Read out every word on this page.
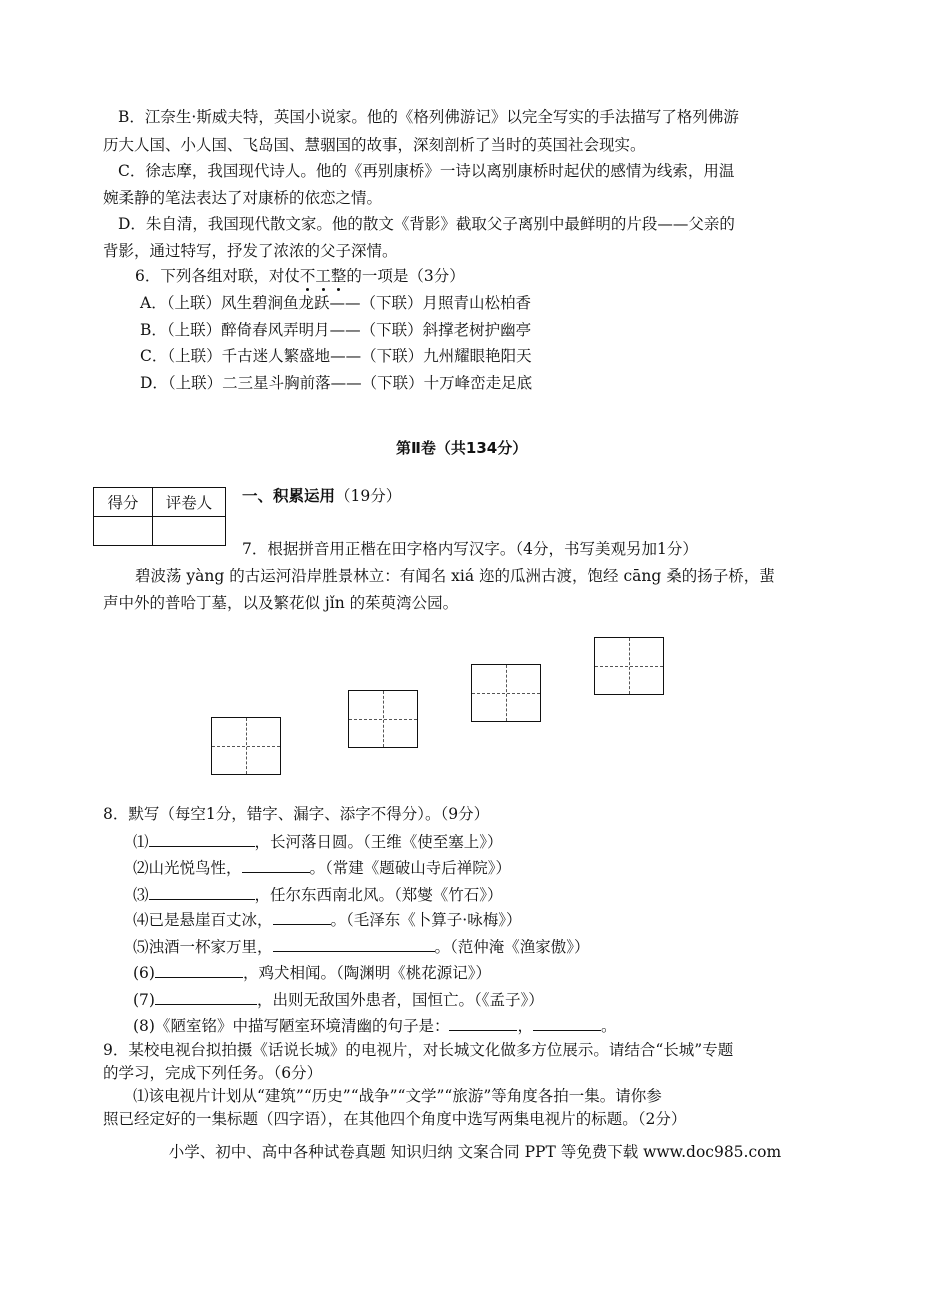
B．江奈生·斯威夫特，英国小说家。他的《格列佛游记》以完全写实的手法描写了格列佛游
历大人国、小人国、飞岛国、慧骃国的故事，深刻剖析了当时的英国社会现实。
C．徐志摩，我国现代诗人。他的《再别康桥》一诗以离别康桥时起伏的感情为线索，用温
婉柔静的笔法表达了对康桥的依恋之情。
D．朱自清，我国现代散文家。他的散文《背影》截取父子离别中最鲜明的片段——父亲的
背影，通过特写，抒发了浓浓的父子深情。
6．下列各组对联，对仗不工整的一项是（3分）
A．（上联）风生碧涧鱼龙跃——（下联）月照青山松柏香
B．（上联）醉倚春风弄明月——（下联）斜撑老树护幽亭
C．（上联）千古迷人繁盛地——（下联）九州耀眼艳阳天
D．（上联）二三星斗胸前落——（下联）十万峰峦走足底
第Ⅱ卷（共134分）
得分	评卷人
	一、积累运用（19分）
7．根据拼音用正楷在田字格内写汉字。（4分，书写美观另加1分）
碧波荡 yàng 的古运河沿岸胜景林立：有闻名 xiá 迩的瓜洲古渡，饱经 cāng 桑的扬子桥，蜚
声中外的普哈丁墓，以及繁花似 jǐn 的茱萸湾公园。
8．默写（每空1分，错字、漏字、添字不得分）。（9分）
⑴	，长河落日圆。（王维《使至塞上》）
⑵山光悦鸟性，	。（常建《题破山寺后禅院》）
⑶	，任尔东西南北风。（郑燮《竹石》）
⑷已是悬崖百丈冰，	。（毛泽东《卜算子·咏梅》）
⑸浊酒一杯家万里，	。（范仲淹《渔家傲》）
(6)	，鸡犬相闻。（陶渊明《桃花源记》）
(7)	，出则无敌国外患者，国恒亡。（《孟子》）
(8)《陋室铭》中描写陋室环境清幽的句子是：	，	。
9．某校电视台拟拍摄《话说长城》的电视片，对长城文化做多方位展示。请结合“长城”专题
的学习，完成下列任务。（6分）
⑴该电视片计划从“建筑”“历史”“战争”“文学”“旅游”等角度各拍一集。请你参
照已经定好的一集标题（四字语），在其他四个角度中选写两集电视片的标题。（2分）
小学、初中、高中各种试卷真题 知识归纳 文案合同 PPT 等免费下载 www.doc985.com
